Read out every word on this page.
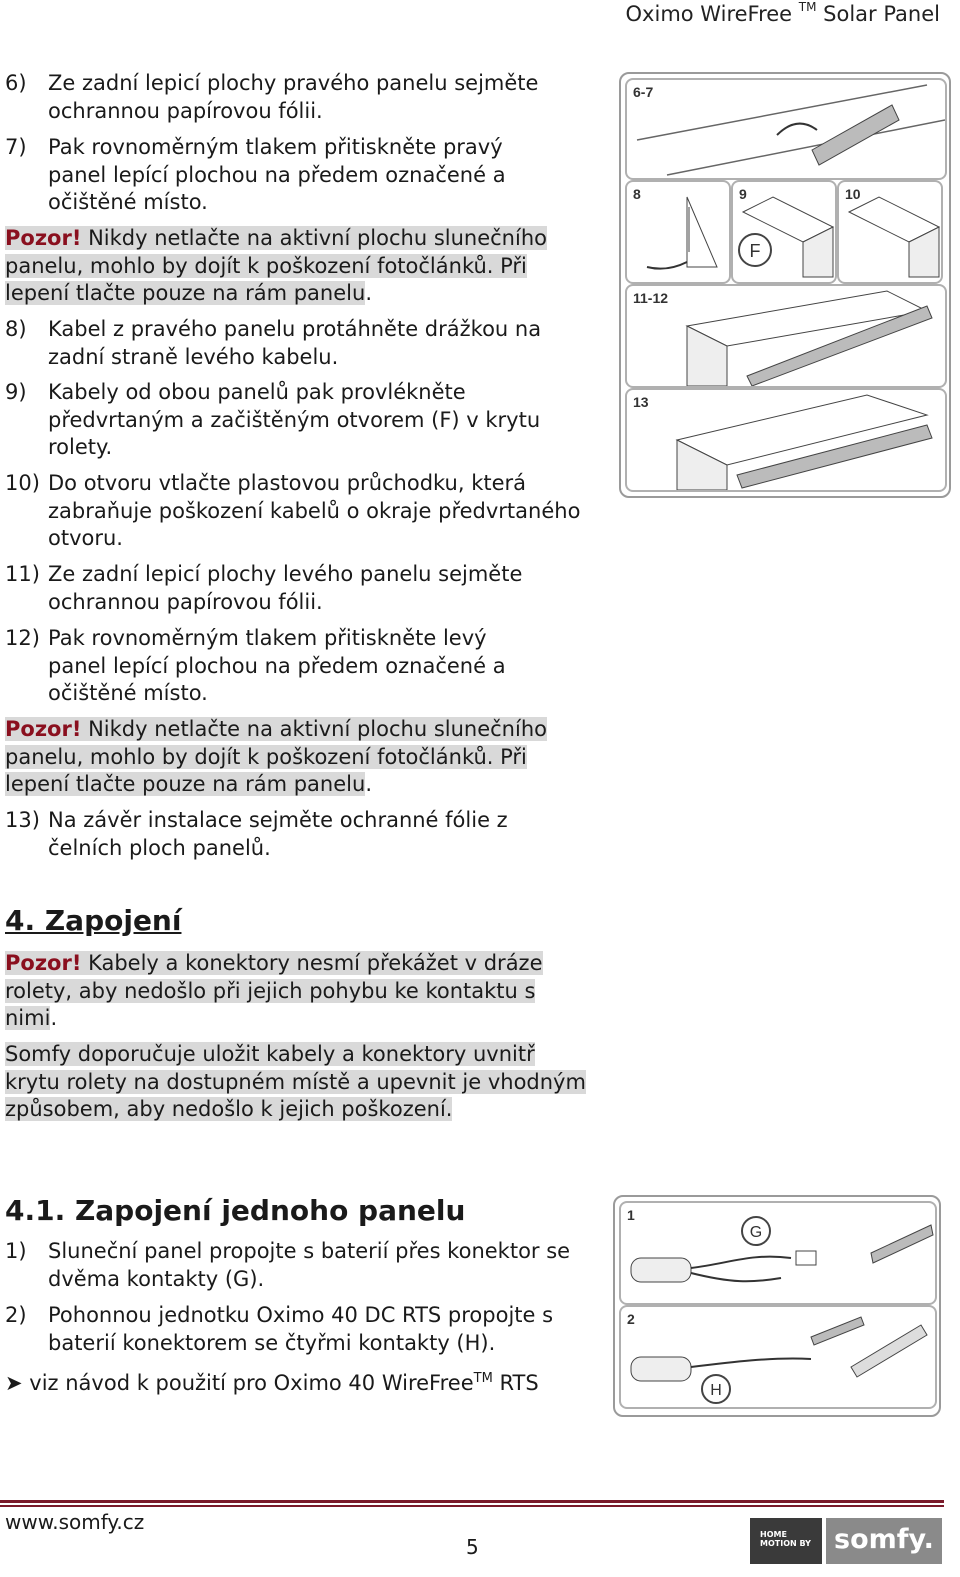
Oximo WireFree ™ Solar Panel
6) Ze zadní lepicí plochy pravého panelu sejměte ochrannou papírovou fólii.
7) Pak rovnoměrným tlakem přitiskněte pravý panel lepící plochou na předem označené a očištěné místo.
Pozor! Nikdy netlačte na aktivní plochu slunečního panelu, mohlo by dojít k poškození fotočlánků. Při lepení tlačte pouze na rám panelu.
8) Kabel z pravého panelu protáhněte drážkou na zadní straně levého kabelu.
9) Kabely od obou panelů pak provlékněte předvrtaným a začištěným otvorem (F) v krytu rolety.
10) Do otvoru vtlačte plastovou průchodku, která zabraňuje poškození kabelů o okraje předvrtaného otvoru.
11) Ze zadní lepicí plochy levého panelu sejměte ochrannou papírovou fólii.
12) Pak rovnoměrným tlakem přitiskněte levý panel lepící plochou na předem označené a očištěné místo.
Pozor! Nikdy netlačte na aktivní plochu slunečního panelu, mohlo by dojít k poškození fotočlánků. Při lepení tlačte pouze na rám panelu.
13) Na závěr instalace sejměte ochranné fólie z čelních ploch panelů.
4. Zapojení
Pozor! Kabely a konektory nesmí překážet v dráze rolety, aby nedošlo při jejich pohybu ke kontaktu s nimi.
Somfy doporučuje uložit kabely a konektory uvnitř krytu rolety na dostupném místě a upevnit je vhodným způsobem, aby nedošlo k jejich poškození.
4.1. Zapojení jednoho panelu
1) Sluneční panel propojte s baterií přes konektor se dvěma kontakty (G).
2) Pohonnou jednotku Oximo 40 DC RTS propojte s baterií konektorem se čtyřmi kontakty (H).
➤ viz návod k použití pro Oximo 40 WireFree™ RTS
6-7
8
F
9	10
11-12
13
G
1
H
2
www.somfy.cz
5
HOME MOTION BY somfy.
